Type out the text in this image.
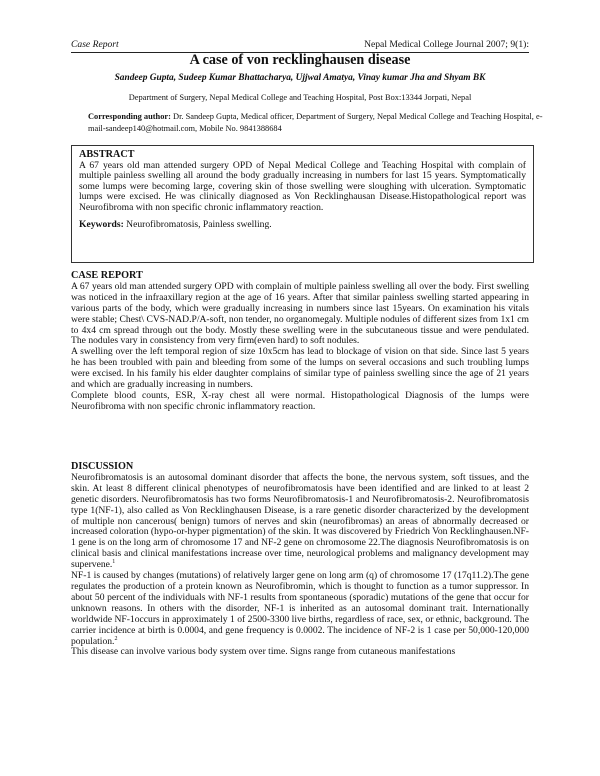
Case Report	Nepal Medical College Journal 2007; 9(1):
A case of von recklinghausen disease
Sandeep Gupta, Sudeep Kumar Bhattacharya, Ujjwal Amatya, Vinay kumar Jha and Shyam BK
Department of Surgery, Nepal Medical College and Teaching Hospital, Post Box:13344 Jorpati, Nepal
Corresponding author: Dr. Sandeep Gupta, Medical officer, Department of Surgery, Nepal Medical College and Teaching Hospital, e-mail-sandeep140@hotmail.com, Mobile No. 9841388684
ABSTRACT

A 67 years old man attended surgery OPD of Nepal Medical College and Teaching Hospital with complain of multiple painless swelling all around the body gradually increasing in numbers for last 15 years. Symptomatically some lumps were becoming large, covering skin of those swelling were sloughing with ulceration. Symptomatic lumps were excised. He was clinically diagnosed as Von Recklinghausan Disease.Histopathological report was Neurofibroma with non specific chronic inflammatory reaction.

Keywords: Neurofibromatosis, Painless swelling.

CASE REPORT

A 67 years old man attended surgery OPD with complain of multiple painless swelling all over the body. First swelling was noticed in the infraaxillary region at the age of 16 years. After that similar painless swelling started appearing in various parts of the body, which were gradually increasing in numbers since last 15years. On examination his vitals were stable; Chest\ CVS-NAD.P/A-soft, non tender, no organomegaly. Multiple nodules of different sizes from 1x1 cm to 4x4 cm spread through out the body. Mostly these swelling were in the subcutaneous tissue and were pendulated. The nodules vary in consistency from very firm(even hard) to soft nodules.

A swelling over the left temporal region of size 10x5cm has lead to blockage of vision on that side. Since last 5 years he has been troubled with pain and bleeding from some of the lumps on several occasions and such troubling lumps were excised. In his family his elder daughter complains of similar type of painless swelling since the age of 21 years and which are gradually increasing in numbers.

Complete blood counts, ESR, X-ray chest all were normal. Histopathological Diagnosis of the lumps were Neurofibroma with non specific chronic inflammatory reaction.

DISCUSSION

Neurofibromatosis is an autosomal dominant disorder that affects the bone, the nervous system, soft tissues, and the skin. At least 8 different clinical phenotypes of neurofibromatosis have been identified and are linked to at least 2 genetic disorders. Neurofibromatosis has two forms Neurofibromatosis-1 and Neurofibromatosis-2. Neurofibromatosis type 1(NF-1), also called as Von Recklinghausen Disease, is a rare genetic disorder characterized by the development of multiple non cancerous( benign) tumors of nerves and skin (neurofibromas) an areas of abnormally decreased or increased coloration (hypo-or-hyper pigmentation) of the skin. It was discovered by Friedrich Von Recklinghausen.NF-1 gene is on the long arm of chromosome 17 and NF-2 gene on chromosome 22.The diagnosis Neurofibromatosis is on clinical basis and clinical manifestations increase over time, neurological problems and malignancy development may supervene.$^1$

NF-1 is caused by changes (mutations) of relatively larger gene on long arm (q) of chromosome 17 (17q11.2).The gene regulates the production of a protein known as Neurofibromin, which is thought to function as a tumor suppressor. In about 50 percent of the individuals with NF-1 results from spontaneous (sporadic) mutations of the gene that occur for unknown reasons. In others with the disorder, NF-1 is inherited as an autosomal dominant trait. Internationally worldwide NF-1occurs in approximately 1 of 2500-3300 live births, regardless of race, sex, or ethnic, background. The carrier incidence at birth is 0.0004, and gene frequency is 0.0002. The incidence of NF-2 is 1 case per 50,000-120,000 population.$^2$

This disease can involve various body system over time. Signs range from cutaneous manifestations
